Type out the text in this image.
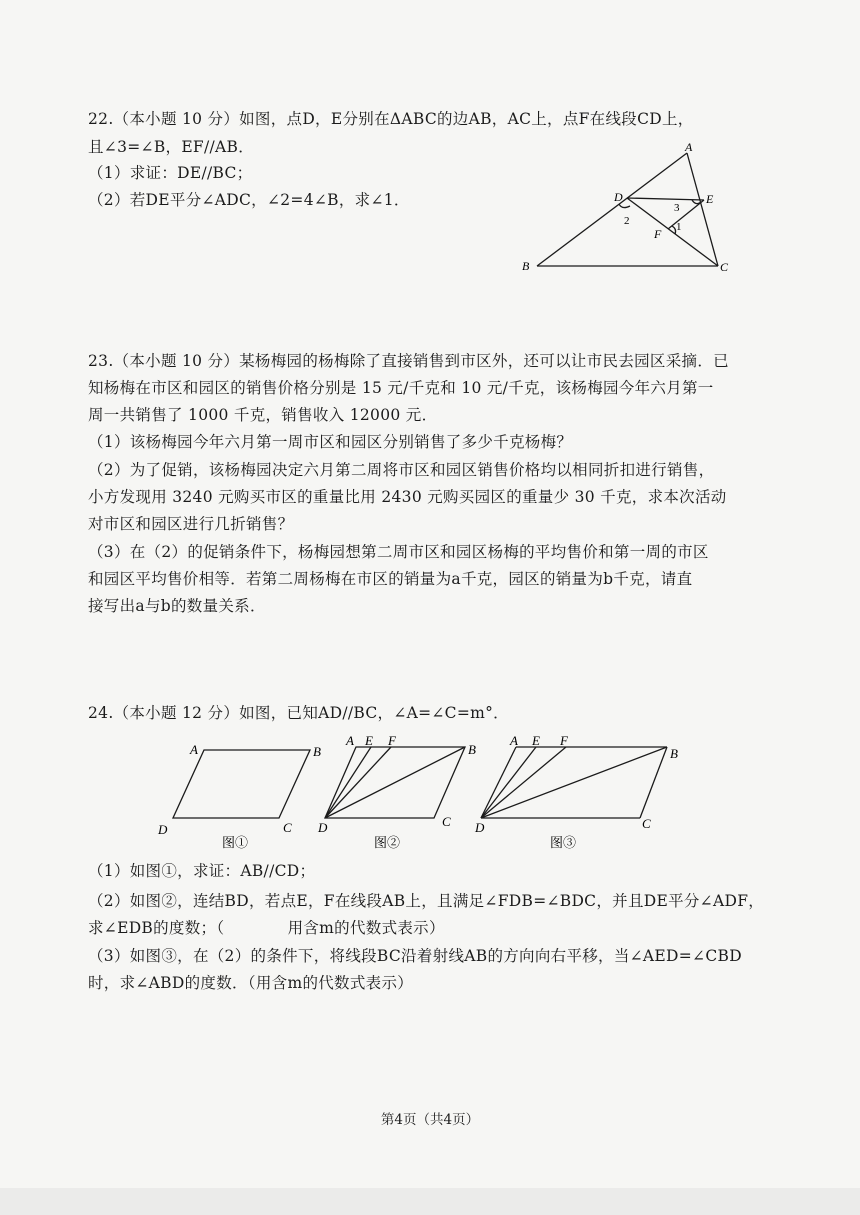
22.（本小题 10 分）如图，点D，E分别在ΔABC的边AB，AC上，点F在线段CD上，
且∠3=∠B，EF//AB．
（1）求证：DE//BC；
（2）若DE平分∠ADC，∠2=4∠B，求∠1．
A
B	C
D	E
F 1
2
3
23.（本小题 10 分）某杨梅园的杨梅除了直接销售到市区外，还可以让市民去园区采摘．已
知杨梅在市区和园区的销售价格分别是 15 元/千克和 10 元/千克，该杨梅园今年六月第一
周一共销售了 1000 千克，销售收入 12000 元．
（1）该杨梅园今年六月第一周市区和园区分别销售了多少千克杨梅？
（2）为了促销，该杨梅园决定六月第二周将市区和园区销售价格均以相同折扣进行销售，
小方发现用 3240 元购买市区的重量比用 2430 元购买园区的重量少 30 千克，求本次活动
对市区和园区进行几折销售？
（3）在（2）的促销条件下，杨梅园想第二周市区和园区杨梅的平均售价和第一周的市区
和园区平均售价相等．若第二周杨梅在市区的销量为a千克，园区的销量为b千克，请直
接写出a与b的数量关系．
24.（本小题 12 分）如图，已知AD//BC，∠A=∠C=m°．
A	B
C
D
图①
A E F
B
C
D
图②
A E F
B
C
D
图③
（1）如图①，求证：AB//CD；
（2）如图②，连结BD，若点E，F在线段AB上，且满足∠FDB=∠BDC，并且DE平分∠ADF，
求∠EDB的度数；（　　　　用含m的代数式表示）
（3）如图③，在（2）的条件下，将线段BC沿着射线AB的方向向右平移，当∠AED=∠CBD
时，求∠ABD的度数．（用含m的代数式表示）
第4页（共4页）
